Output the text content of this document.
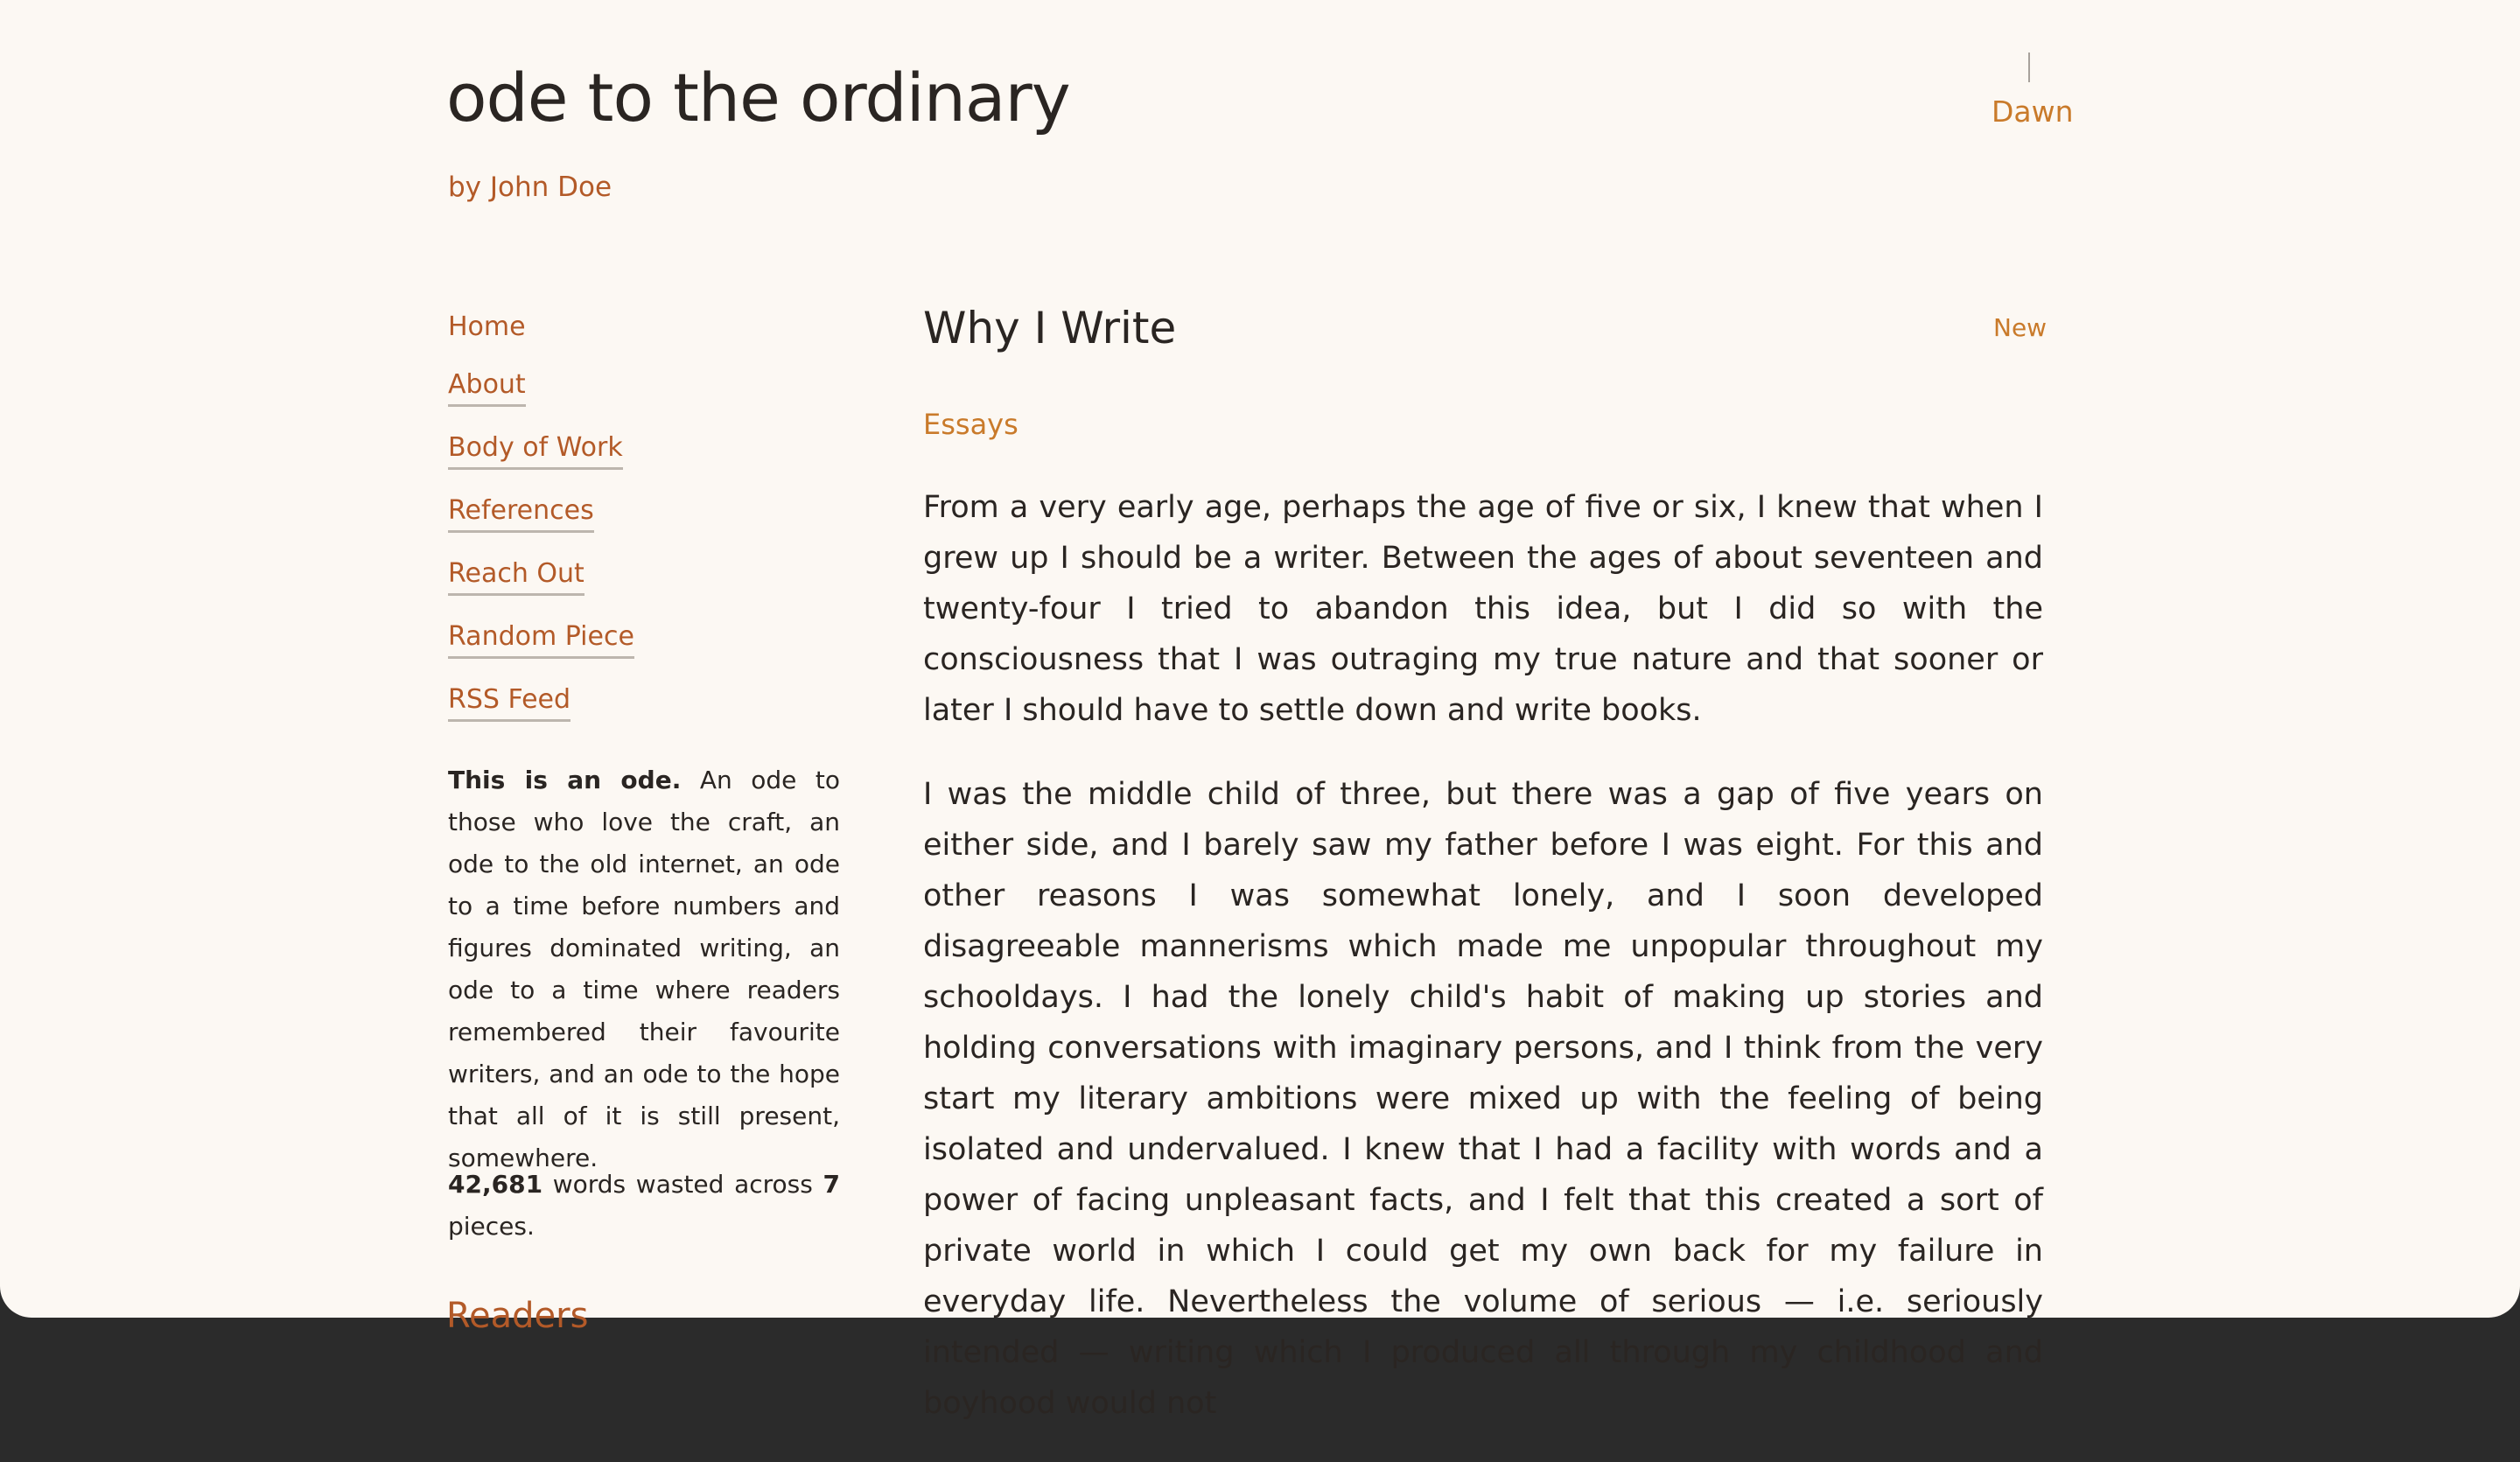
ode to the ordinary
by John Doe
Dawn
Home
About
Body of Work
References
Reach Out
Random Piece
RSS Feed

This is an ode. An ode to those who love the craft, an ode to the old internet, an ode to a time before numbers and figures dominated writing, an ode to a time where readers remembered their favourite writers, and an ode to the hope that all of it is still present, somewhere.

42,681 words wasted across 7 pieces.

Readers
Why I Write	New
Essays

From a very early age, perhaps the age of five or six, I knew that when I grew up I should be a writer. Between the ages of about seventeen and twenty-four I tried to abandon this idea, but I did so with the consciousness that I was outraging my true nature and that sooner or later I should have to settle down and write books.

I was the middle child of three, but there was a gap of five years on either side, and I barely saw my father before I was eight. For this and other reasons I was somewhat lonely, and I soon developed disagreeable mannerisms which made me unpopular throughout my schooldays. I had the lonely child's habit of making up stories and holding conversations with imaginary persons, and I think from the very start my literary ambitions were mixed up with the feeling of being isolated and undervalued. I knew that I had a facility with words and a power of facing unpleasant facts, and I felt that this created a sort of private world in which I could get my own back for my failure in everyday life. Nevertheless the volume of serious — i.e. seriously intended — writing which I produced all through my childhood and boyhood would not
